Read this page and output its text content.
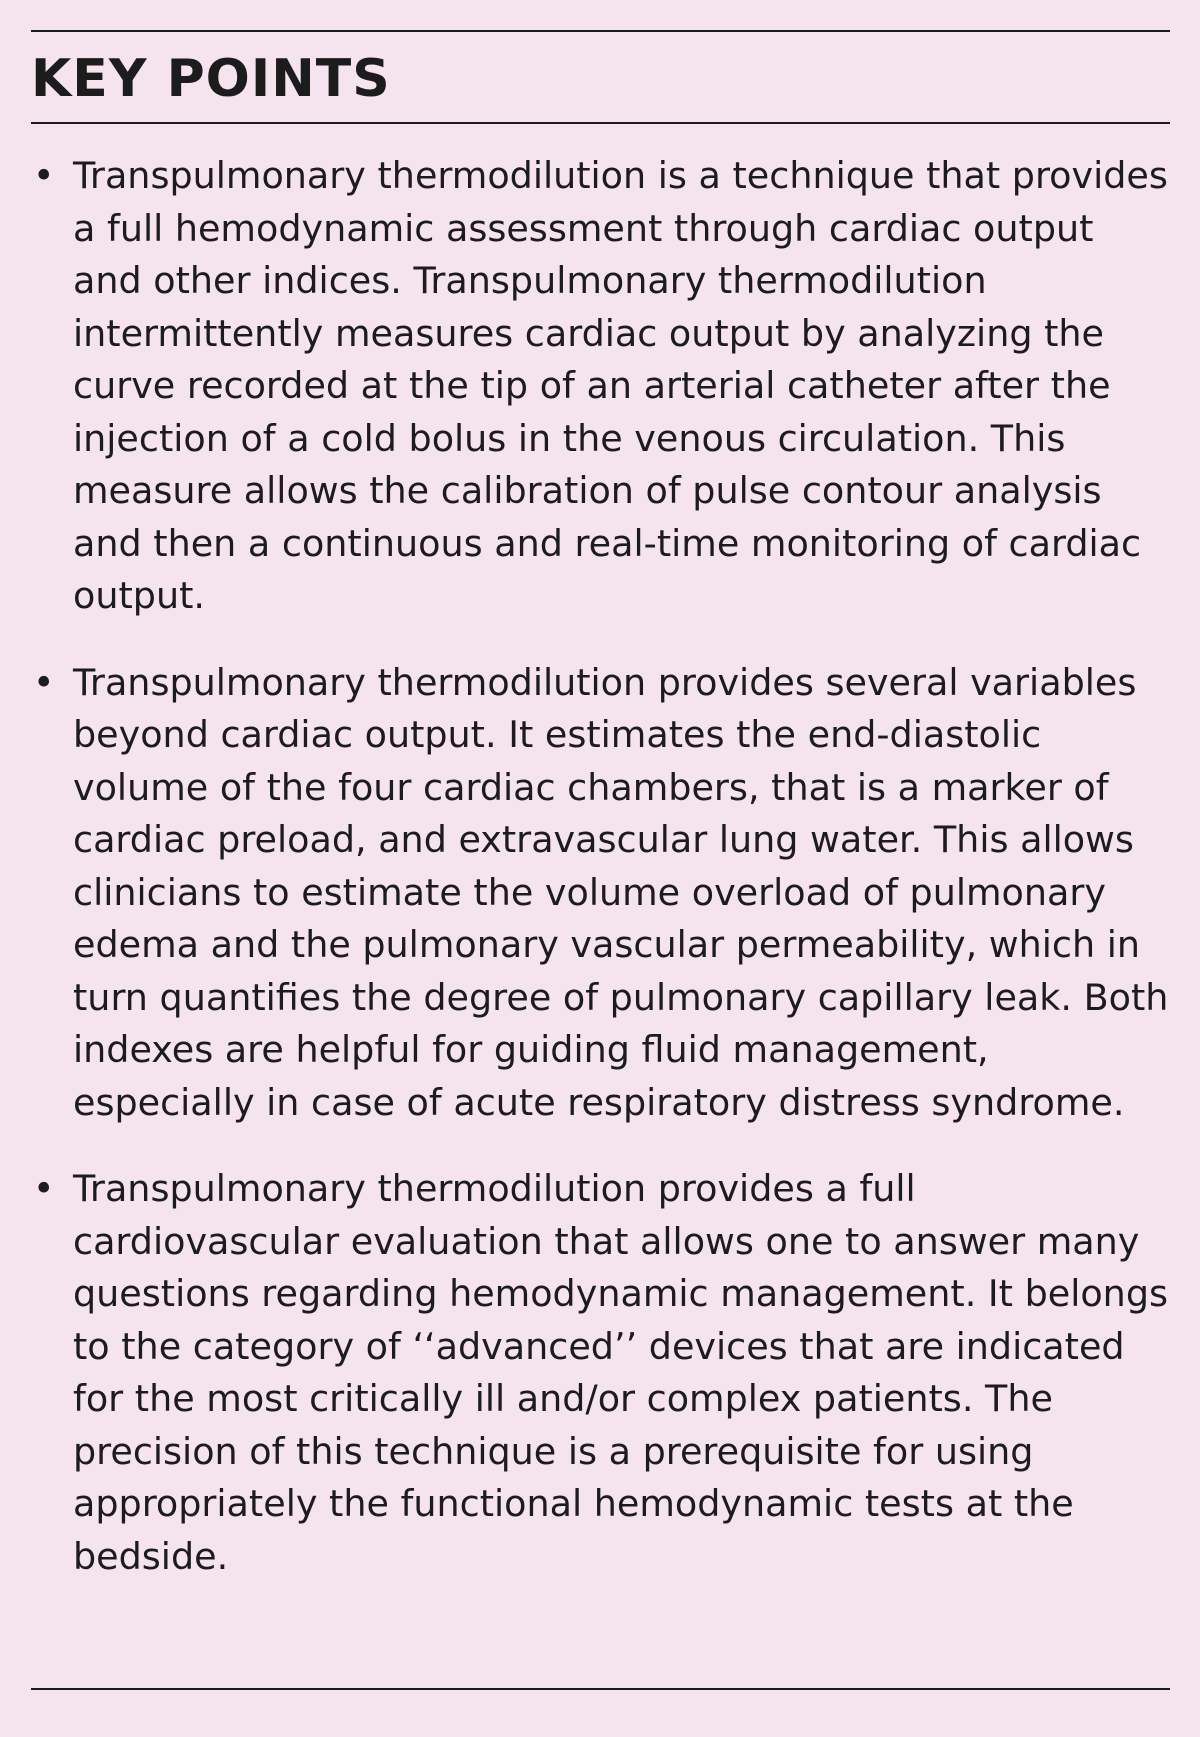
KEY POINTS
• Transpulmonary thermodilution is a technique that provides a full hemodynamic assessment through cardiac output and other indices. Transpulmonary thermodilution intermittently measures cardiac output by analyzing the curve recorded at the tip of an arterial catheter after the injection of a cold bolus in the venous circulation. This measure allows the calibration of pulse contour analysis and then a continuous and real-time monitoring of cardiac output.
• Transpulmonary thermodilution provides several variables beyond cardiac output. It estimates the end-diastolic volume of the four cardiac chambers, that is a marker of cardiac preload, and extravascular lung water. This allows clinicians to estimate the volume overload of pulmonary edema and the pulmonary vascular permeability, which in turn quantifies the degree of pulmonary capillary leak. Both indexes are helpful for guiding fluid management, especially in case of acute respiratory distress syndrome.
• Transpulmonary thermodilution provides a full cardiovascular evaluation that allows one to answer many questions regarding hemodynamic management. It belongs to the category of ‘‘advanced’’ devices that are indicated for the most critically ill and/or complex patients. The precision of this technique is a prerequisite for using appropriately the functional hemodynamic tests at the bedside.
